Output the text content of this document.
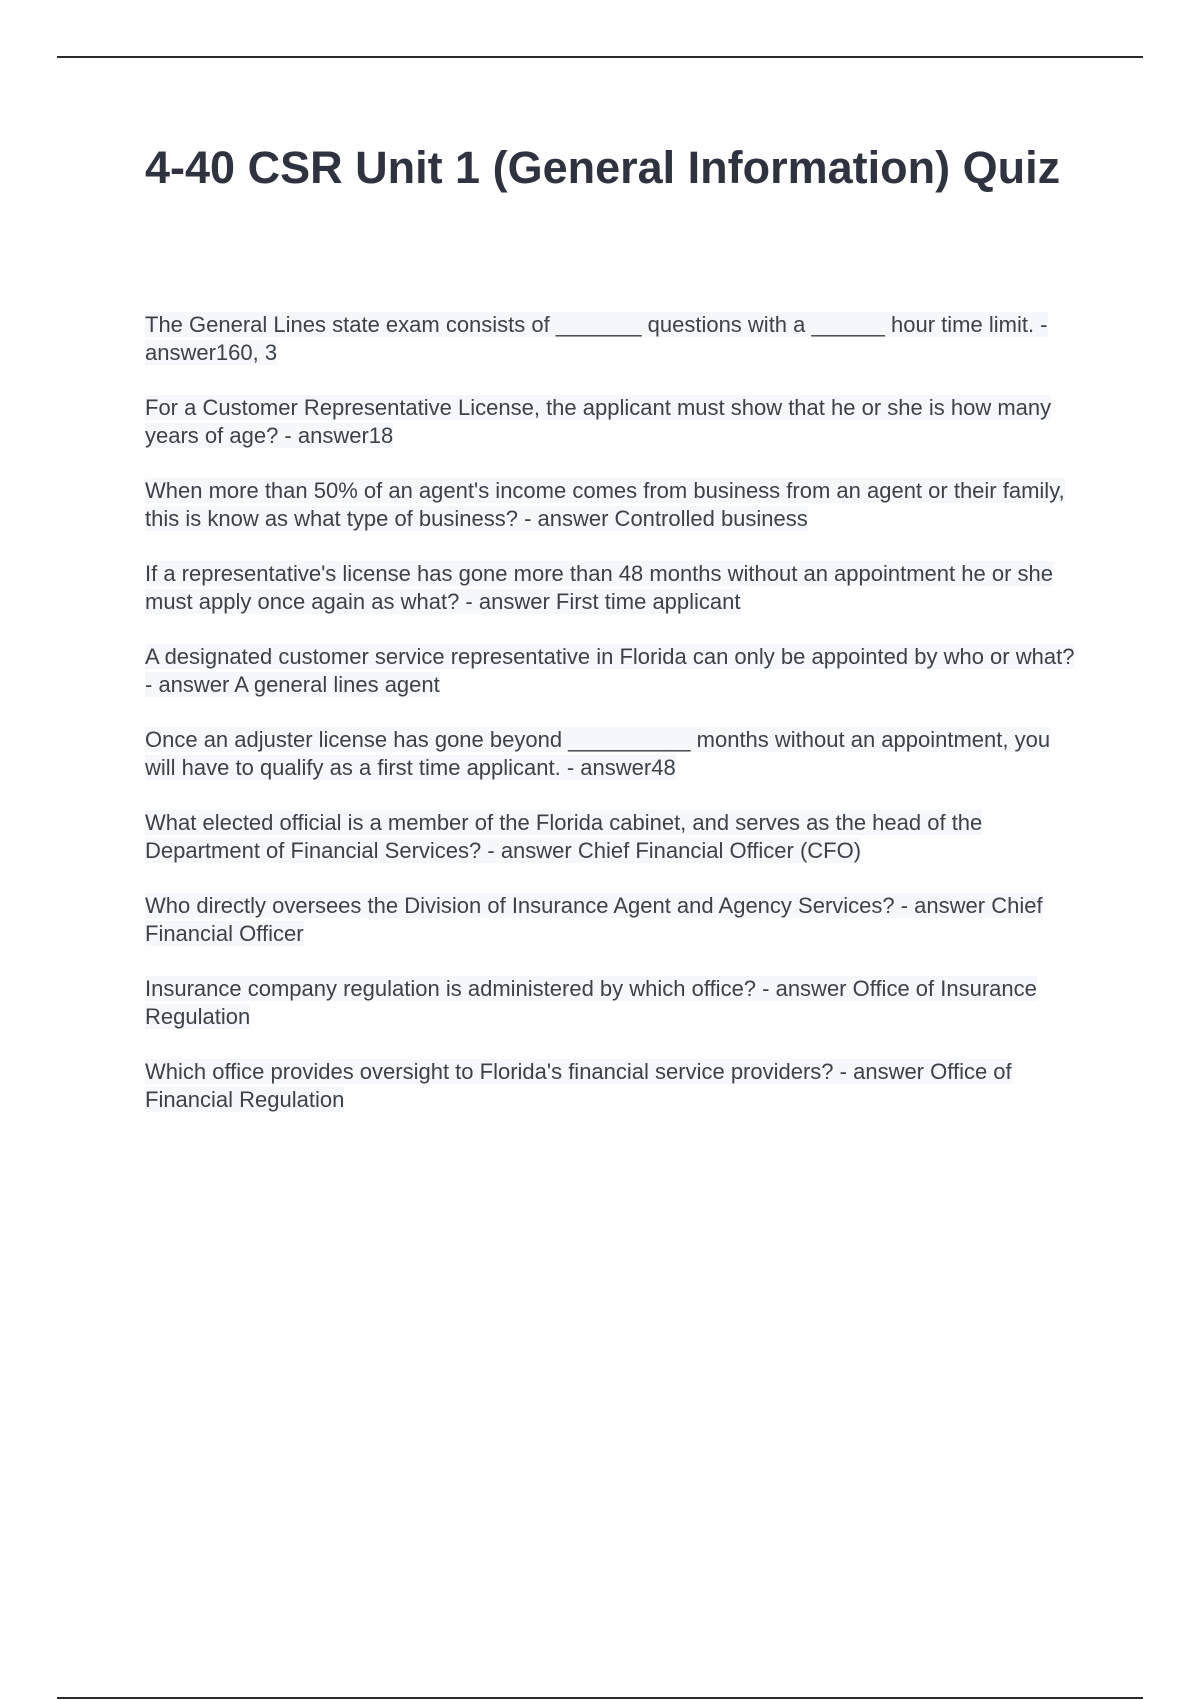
4-40 CSR Unit 1 (General Information) Quiz

The General Lines state exam consists of _______ questions with a ______ hour time limit. - answer160, 3

For a Customer Representative License, the applicant must show that he or she is how many years of age? - answer18

When more than 50% of an agent's income comes from business from an agent or their family, this is know as what type of business? - answer Controlled business

If a representative's license has gone more than 48 months without an appointment he or she must apply once again as what? - answer First time applicant

A designated customer service representative in Florida can only be appointed by who or what? - answer A general lines agent

Once an adjuster license has gone beyond __________ months without an appointment, you will have to qualify as a first time applicant. - answer48

What elected official is a member of the Florida cabinet, and serves as the head of the Department of Financial Services? - answer Chief Financial Officer (CFO)

Who directly oversees the Division of Insurance Agent and Agency Services? - answer Chief Financial Officer

Insurance company regulation is administered by which office? - answer Office of Insurance Regulation

Which office provides oversight to Florida's financial service providers? - answer Office of Financial Regulation
